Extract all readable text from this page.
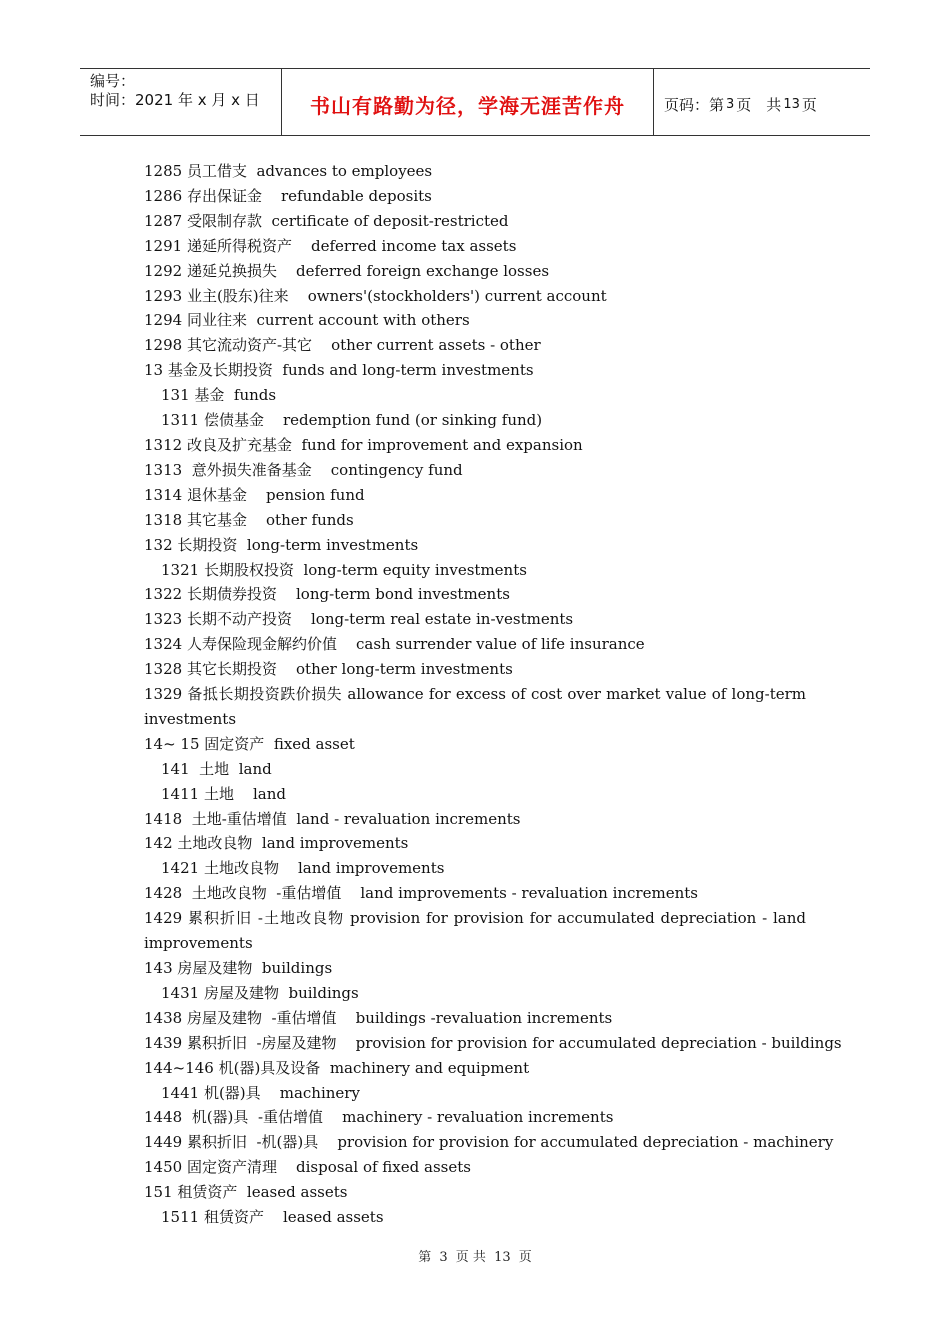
编号：
时间：2021 年 x 月 x 日	书山有路勤为径，学海无涯苦作舟	页码：第 3 页　共 13 页
1285 员工借支  advances to employees
1286 存出保证金    refundable deposits
1287 受限制存款  certificate of deposit-restricted
1291 递延所得税资产    deferred income tax assets
1292 递延兑换损失    deferred foreign exchange losses
1293 业主(股东)往来    owners'(stockholders') current account
1294 同业往来  current account with others
1298 其它流动资产-其它    other current assets - other
13 基金及长期投资  funds and long-term investments
131 基金  funds
1311 偿债基金    redemption fund (or sinking fund)
1312 改良及扩充基金  fund for improvement and expansion
1313  意外损失准备基金    contingency fund
1314 退休基金    pension fund
1318 其它基金    other funds
132 长期投资  long-term investments
1321 长期股权投资  long-term equity investments
1322 长期债券投资    long-term bond investments
1323 长期不动产投资    long-term real estate in-vestments
1324 人寿保险现金解约价值    cash surrender value of life insurance
1328 其它长期投资    other long-term investments
1329 备抵长期投资跌价损失 allowance for excess of cost over market value of long-term investments
14~ 15 固定资产  fixed asset
141  土地  land
1411 土地    land
1418  土地-重估增值  land - revaluation increments
142 土地改良物  land improvements
1421 土地改良物    land improvements
1428  土地改良物  -重估增值    land improvements - revaluation increments
1429 累积折旧 -土地改良物 provision for provision for accumulated depreciation - land improvements
143 房屋及建物  buildings
1431 房屋及建物  buildings
1438 房屋及建物  -重估增值    buildings -revaluation increments
1439 累积折旧  -房屋及建物    provision for provision for accumulated depreciation - buildings
144~146 机(器)具及设备  machinery and equipment
1441 机(器)具    machinery
1448  机(器)具  -重估增值    machinery - revaluation increments
1449 累积折旧  -机(器)具    provision for provision for accumulated depreciation - machinery
1450 固定资产清理    disposal of fixed assets
151 租赁资产  leased assets
1511 租赁资产    leased assets
第 3 页 共 13 页
